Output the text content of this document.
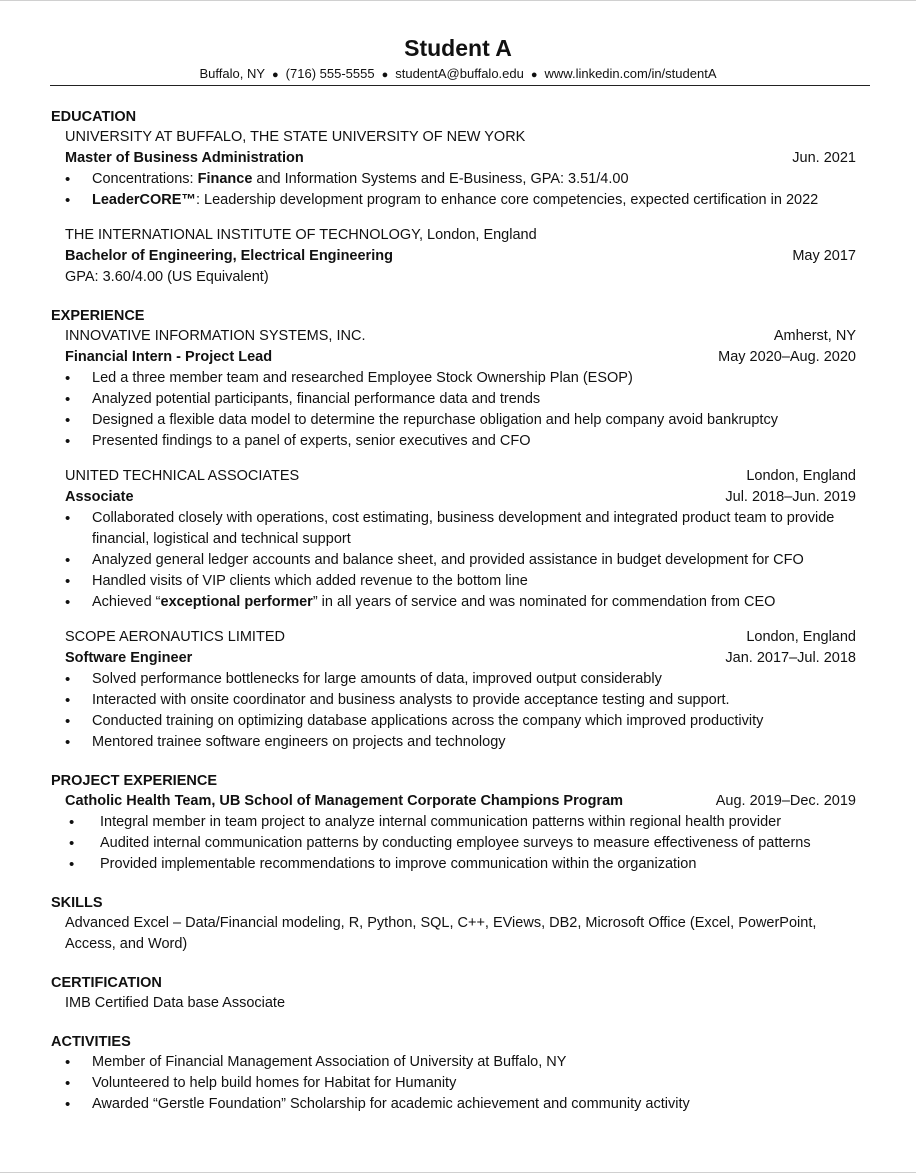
Student A
Buffalo, NY ● (716) 555-5555 ● studentA@buffalo.edu ● www.linkedin.com/in/studentA
EDUCATION
UNIVERSITY AT BUFFALO, THE STATE UNIVERSITY OF NEW YORK
Master of Business Administration	Jun. 2021
• Concentrations: Finance and Information Systems and E-Business, GPA: 3.51/4.00
• LeaderCORE™: Leadership development program to enhance core competencies, expected certification in 2022
THE INTERNATIONAL INSTITUTE OF TECHNOLOGY, London, England
Bachelor of Engineering, Electrical Engineering	May 2017
GPA: 3.60/4.00 (US Equivalent)
EXPERIENCE
INNOVATIVE INFORMATION SYSTEMS, INC.	Amherst, NY
Financial Intern - Project Lead	May 2020–Aug. 2020
• Led a three member team and researched Employee Stock Ownership Plan (ESOP)
• Analyzed potential participants, financial performance data and trends
• Designed a flexible data model to determine the repurchase obligation and help company avoid bankruptcy
• Presented findings to a panel of experts, senior executives and CFO
UNITED TECHNICAL ASSOCIATES	London, England
Associate	Jul. 2018–Jun. 2019
• Collaborated closely with operations, cost estimating, business development and integrated product team to provide financial, logistical and technical support
• Analyzed general ledger accounts and balance sheet, and provided assistance in budget development for CFO
• Handled visits of VIP clients which added revenue to the bottom line
• Achieved “exceptional performer” in all years of service and was nominated for commendation from CEO
SCOPE AERONAUTICS LIMITED	London, England
Software Engineer	Jan. 2017–Jul. 2018
• Solved performance bottlenecks for large amounts of data, improved output considerably
• Interacted with onsite coordinator and business analysts to provide acceptance testing and support.
• Conducted training on optimizing database applications across the company which improved productivity
• Mentored trainee software engineers on projects and technology
PROJECT EXPERIENCE
Catholic Health Team, UB School of Management Corporate Champions Program	Aug. 2019–Dec. 2019
• Integral member in team project to analyze internal communication patterns within regional health provider
• Audited internal communication patterns by conducting employee surveys to measure effectiveness of patterns
• Provided implementable recommendations to improve communication within the organization
SKILLS
Advanced Excel – Data/Financial modeling, R, Python, SQL, C++, EViews, DB2, Microsoft Office (Excel, PowerPoint, Access, and Word)
CERTIFICATION
IMB Certified Data base Associate
ACTIVITIES
• Member of Financial Management Association of University at Buffalo, NY
• Volunteered to help build homes for Habitat for Humanity
• Awarded “Gerstle Foundation” Scholarship for academic achievement and community activity
